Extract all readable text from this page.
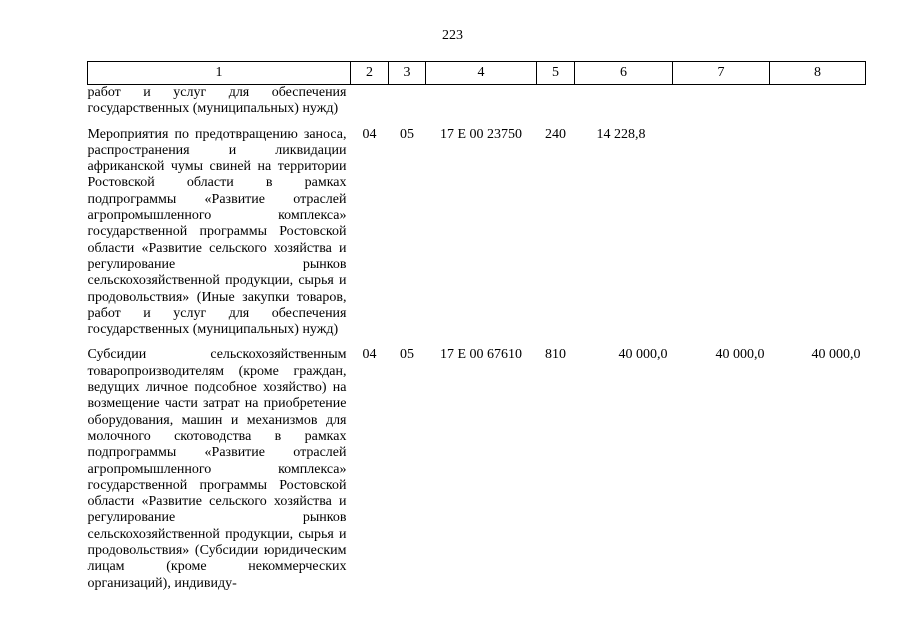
223
1	2	3	4	5	6	7	8
работ и услуг для обеспечения государственных (муниципальных) нужд)							

Мероприятия по предотвращению заноса, распространения и ликвидации африканской чумы свиней на территории Ростовской области в рамках подпрограммы «Развитие отраслей агропромышленного комплекса» государственной программы Ростовской области «Развитие сельского хозяйства и регулирование рынков сельскохозяйственной продукции, сырья и продовольствия» (Иные закупки товаров, работ и услуг для обеспечения государственных (муниципальных) нужд)	04	05	17 Е 00 23750	240	14 228,8		

Субсидии сельскохозяйственным товаропроизводителям (кроме граждан, ведущих личное подсобное хозяйство) на возмещение части затрат на приобретение оборудования, машин и механизмов для молочного скотоводства в рамках подпрограммы «Развитие отраслей агропромышленного комплекса» государственной программы Ростовской области «Развитие сельского хозяйства и регулирование рынков сельскохозяйственной продукции, сырья и продовольствия» (Субсидии юридическим лицам (кроме некоммерческих организаций), индивиду-	04	05	17 Е 00 67610	810	40 000,0	40 000,0	40 000,0
